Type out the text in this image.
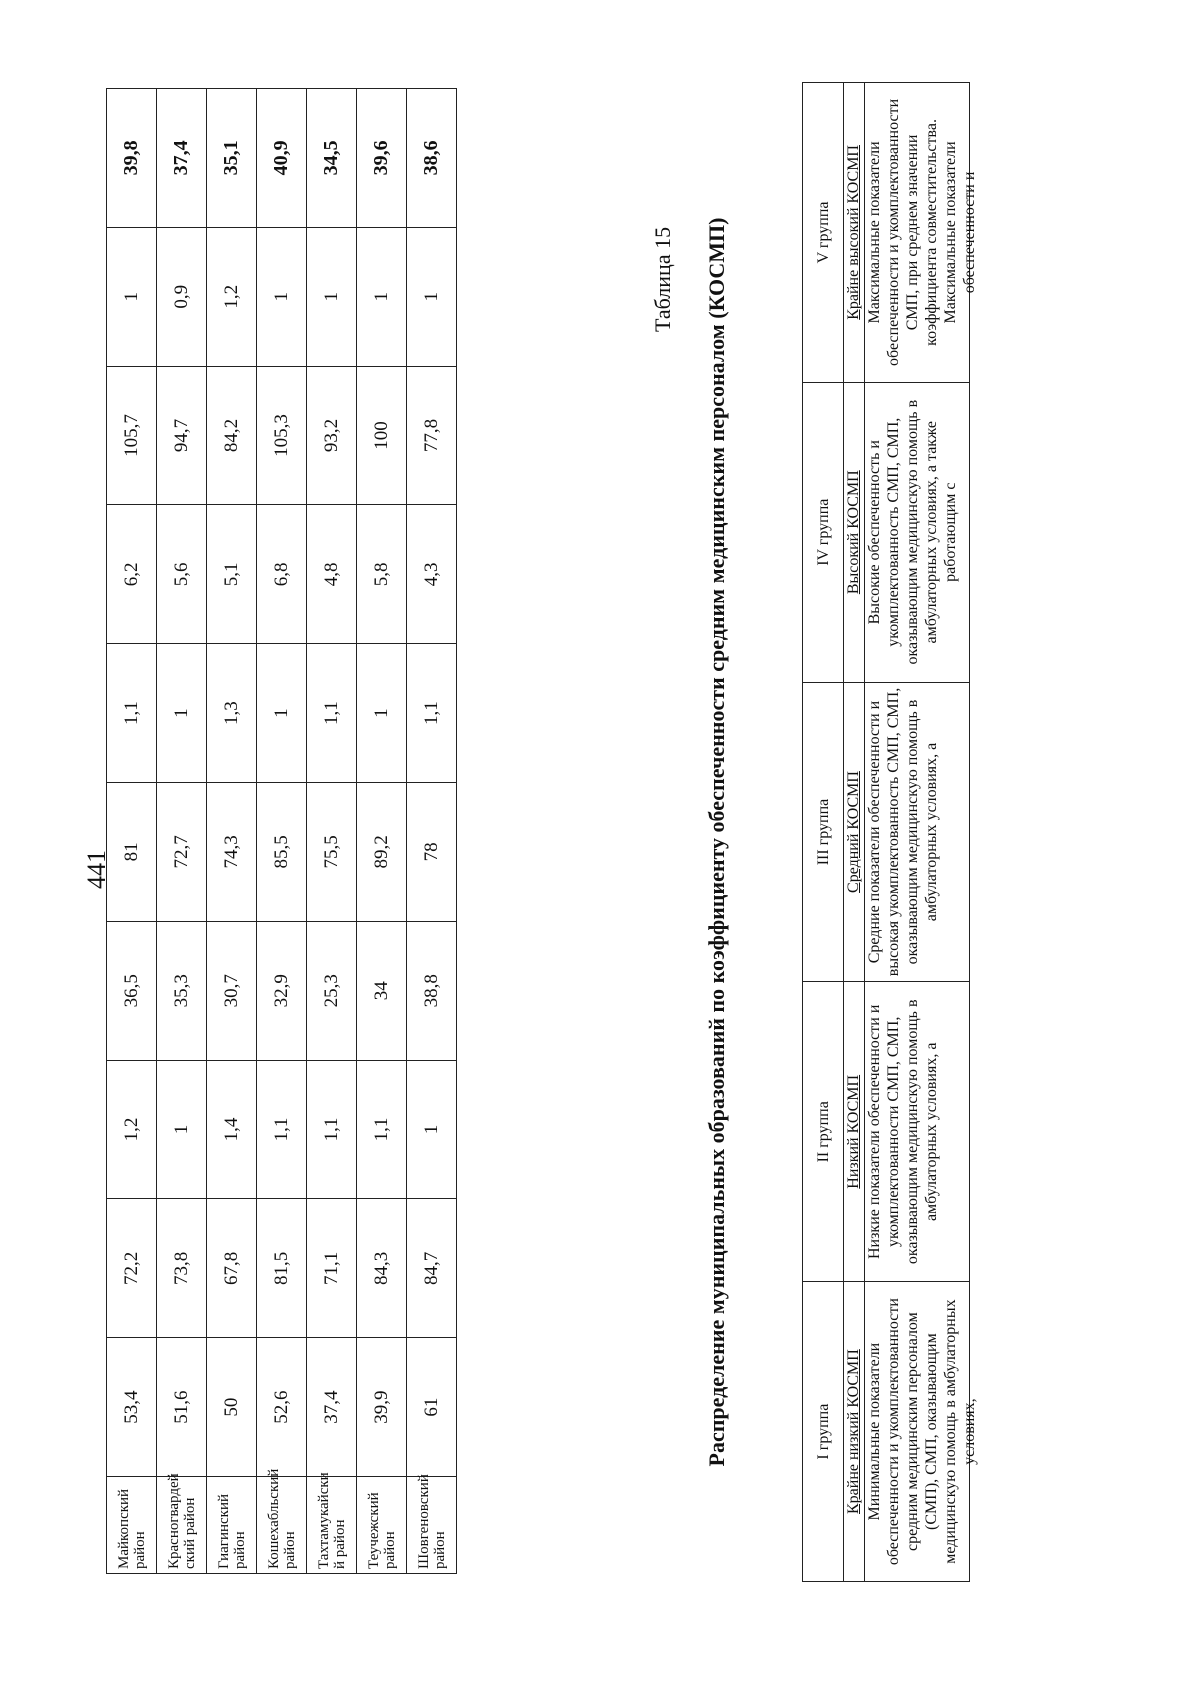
441
Майкопский район	53,4	72,2	1,2	36,5	81	1,1	6,2	105,7	1	39,8
Красногвардей ский район	51,6	73,8	1	35,3	72,7	1	5,6	94,7	0,9	37,4
Гиагинский район	50	67,8	1,4	30,7	74,3	1,3	5,1	84,2	1,2	35,1
Кошехабльский район	52,6	81,5	1,1	32,9	85,5	1	6,8	105,3	1	40,9
Тахтамукайски й район	37,4	71,1	1,1	25,3	75,5	1,1	4,8	93,2	1	34,5
Теучежский район	39,9	84,3	1,1	34	89,2	1	5,8	100	1	39,6
Шовгеновский район	61	84,7	1	38,8	78	1,1	4,3	77,8	1	38,6
Таблица 15 Распределение муниципальных образований по коэффициенту обеспеченности средним медицинским персоналом (КОСМП)	I группа	II группа	III группа	IV группа	V группа
Крайне низкий КОСМП	Низкий КОСМП	Средний КОСМП	Высокий КОСМП	Крайне высокий КОСМП

Минимальные показатели обеспеченности и укомплектованности средним медицинским персоналом (СМП), СМП, оказывающим медицинскую помощь в амбулаторных условиях,	Низкие показатели обеспеченности и укомплектованности СМП, СМП, оказывающим медицинскую помощь в амбулаторных условиях, а	Средние показатели обеспеченности и высокая укомплектованность СМП, СМП, оказывающим медицинскую помощь в амбулаторных условиях, а	Высокие обеспеченность и укомплектованность СМП, СМП, оказывающим медицинскую помощь в амбулаторных условиях, а также работающим с	Максимальные показатели обеспеченности и укомплектованности СМП, при среднем значении коэффициента совместительства. Максимальные показатели обеспеченности и
